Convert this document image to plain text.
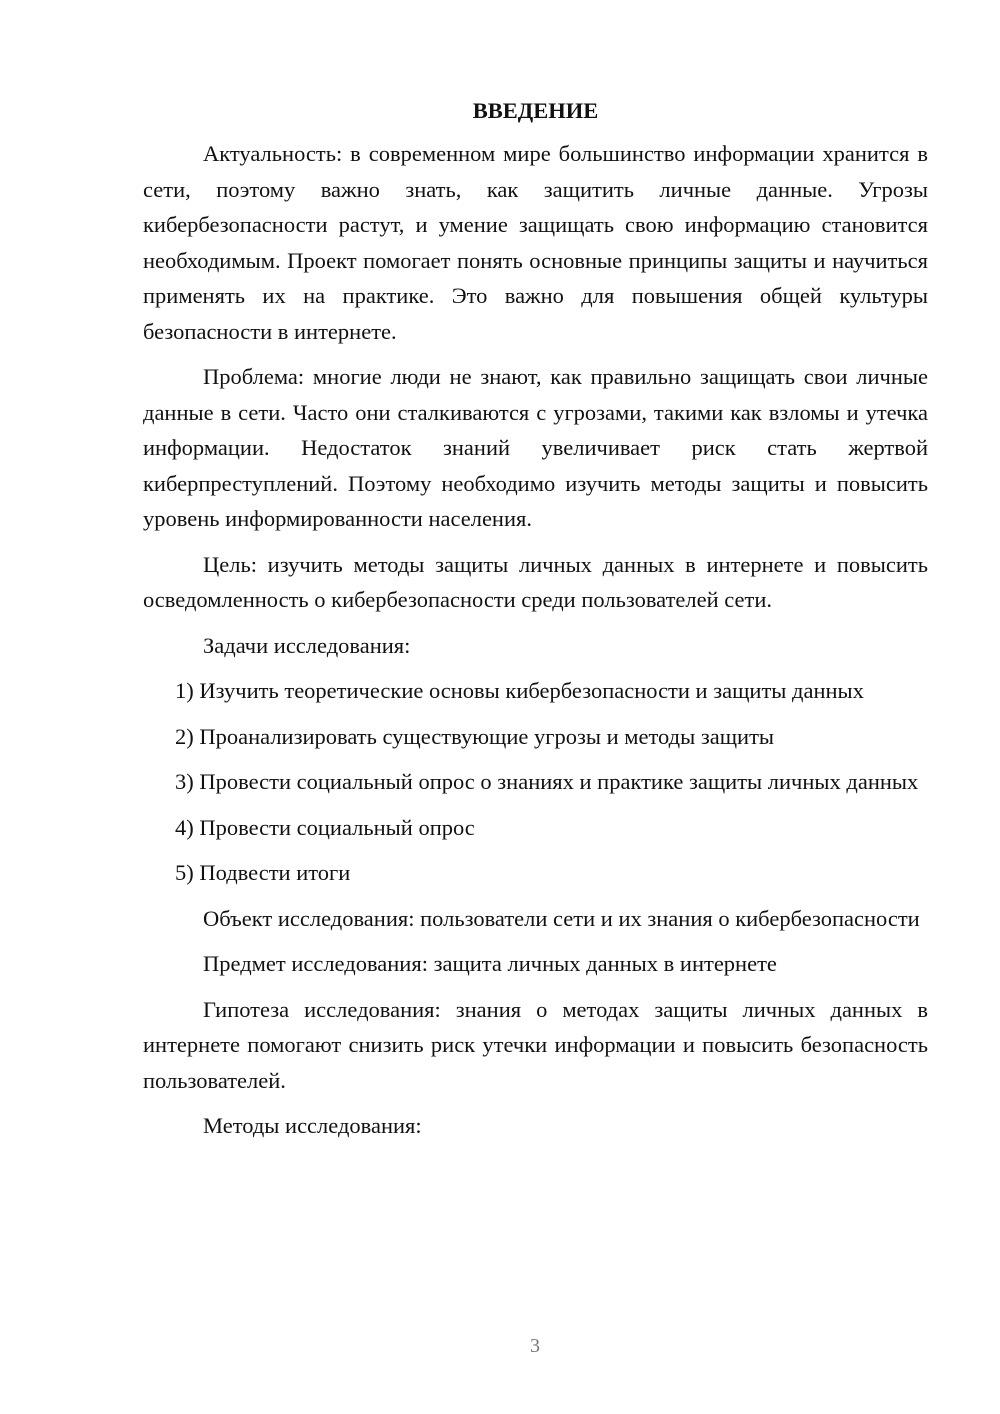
ВВЕДЕНИЕ

Актуальность: в современном мире большинство информации хранится в сети, поэтому важно знать, как защитить личные данные. Угрозы кибербезопасности растут, и умение защищать свою информацию становится необходимым. Проект помогает понять основные принципы защиты и научиться применять их на практике. Это важно для повышения общей культуры безопасности в интернете.

Проблема: многие люди не знают, как правильно защищать свои личные данные в сети. Часто они сталкиваются с угрозами, такими как взломы и утечка информации. Недостаток знаний увеличивает риск стать жертвой киберпреступлений. Поэтому необходимо изучить методы защиты и повысить уровень информированности населения.

Цель: изучить методы защиты личных данных в интернете и повысить осведомленность о кибербезопасности среди пользователей сети.

Задачи исследования:

1) Изучить теоретические основы кибербезопасности и защиты данных

2) Проанализировать существующие угрозы и методы защиты

3) Провести социальный опрос о знаниях и практике защиты личных данных

4) Провести социальный опрос

5) Подвести итоги

Объект исследования: пользователи сети и их знания о кибербезопасности

Предмет исследования: защита личных данных в интернете

Гипотеза исследования: знания о методах защиты личных данных в интернете помогают снизить риск утечки информации и повысить безопасность пользователей.

Методы исследования:

3
